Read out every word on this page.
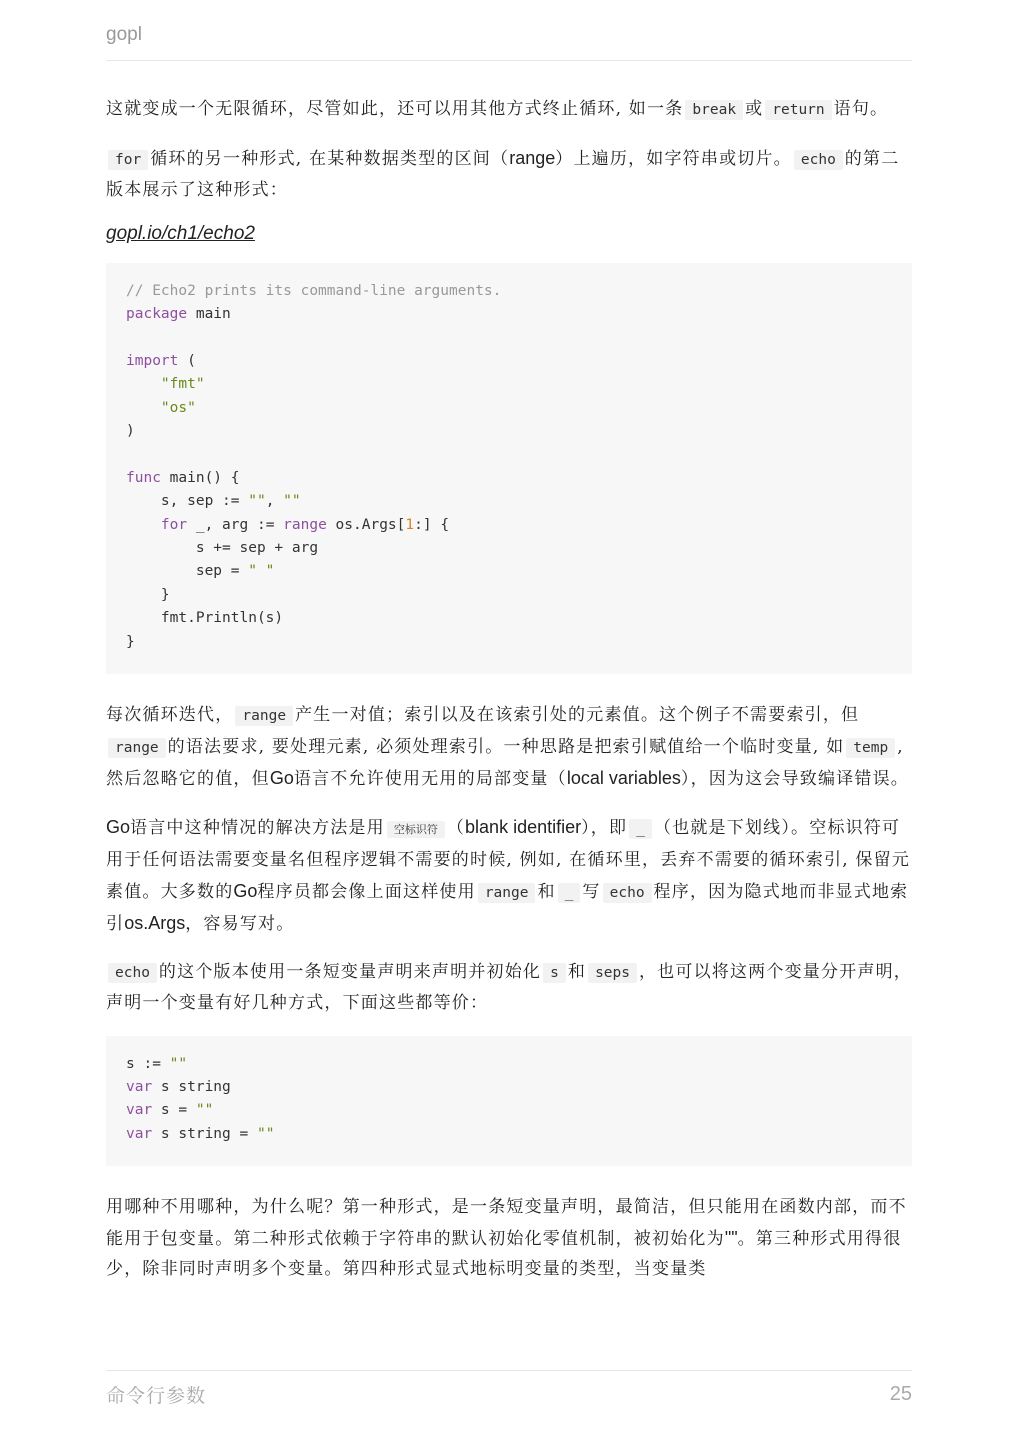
gopl

这就变成一个无限循环，尽管如此，还可以用其他方式终止循环, 如一条 break 或 return 语句。

for 循环的另一种形式, 在某种数据类型的区间（range）上遍历，如字符串或切片。 echo 的第二版本展示了这种形式：

gopl.io/ch1/echo2
// Echo2 prints its command-line arguments.
package main

import (
"fmt"
"os"
)

func main() {
s, sep := "", ""
for _, arg := range os.Args[1:] {
s += sep + arg
sep = " "
}
fmt.Println(s)
}

每次循环迭代， range 产生一对值；索引以及在该索引处的元素值。这个例子不需要索引，但range 的语法要求, 要处理元素, 必须处理索引。一种思路是把索引赋值给一个临时变量, 如 temp , 然后忽略它的值，但Go语言不允许使用无用的局部变量（local variables），因为这会导致编译错误。

Go语言中这种情况的解决方法是用 空标识符 （blank identifier），即 _ （也就是下划线）。空标识符可用于任何语法需要变量名但程序逻辑不需要的时候, 例如, 在循环里，丢弃不需要的循环索引, 保留元素值。大多数的Go程序员都会像上面这样使用 range 和 _ 写 echo 程序，因为隐式地而非显式地索引os.Args，容易写对。

echo 的这个版本使用一条短变量声明来声明并初始化 s 和 seps ，也可以将这两个变量分开声明，声明一个变量有好几种方式，下面这些都等价：

s := ""
var s string
var s = ""
var s string = ""

用哪种不用哪种，为什么呢？第一种形式，是一条短变量声明，最简洁，但只能用在函数内部，而不能用于包变量。第二种形式依赖于字符串的默认初始化零值机制，被初始化为""。第三种形式用得很少，除非同时声明多个变量。第四种形式显式地标明变量的类型，当变量类

命令行参数	25
